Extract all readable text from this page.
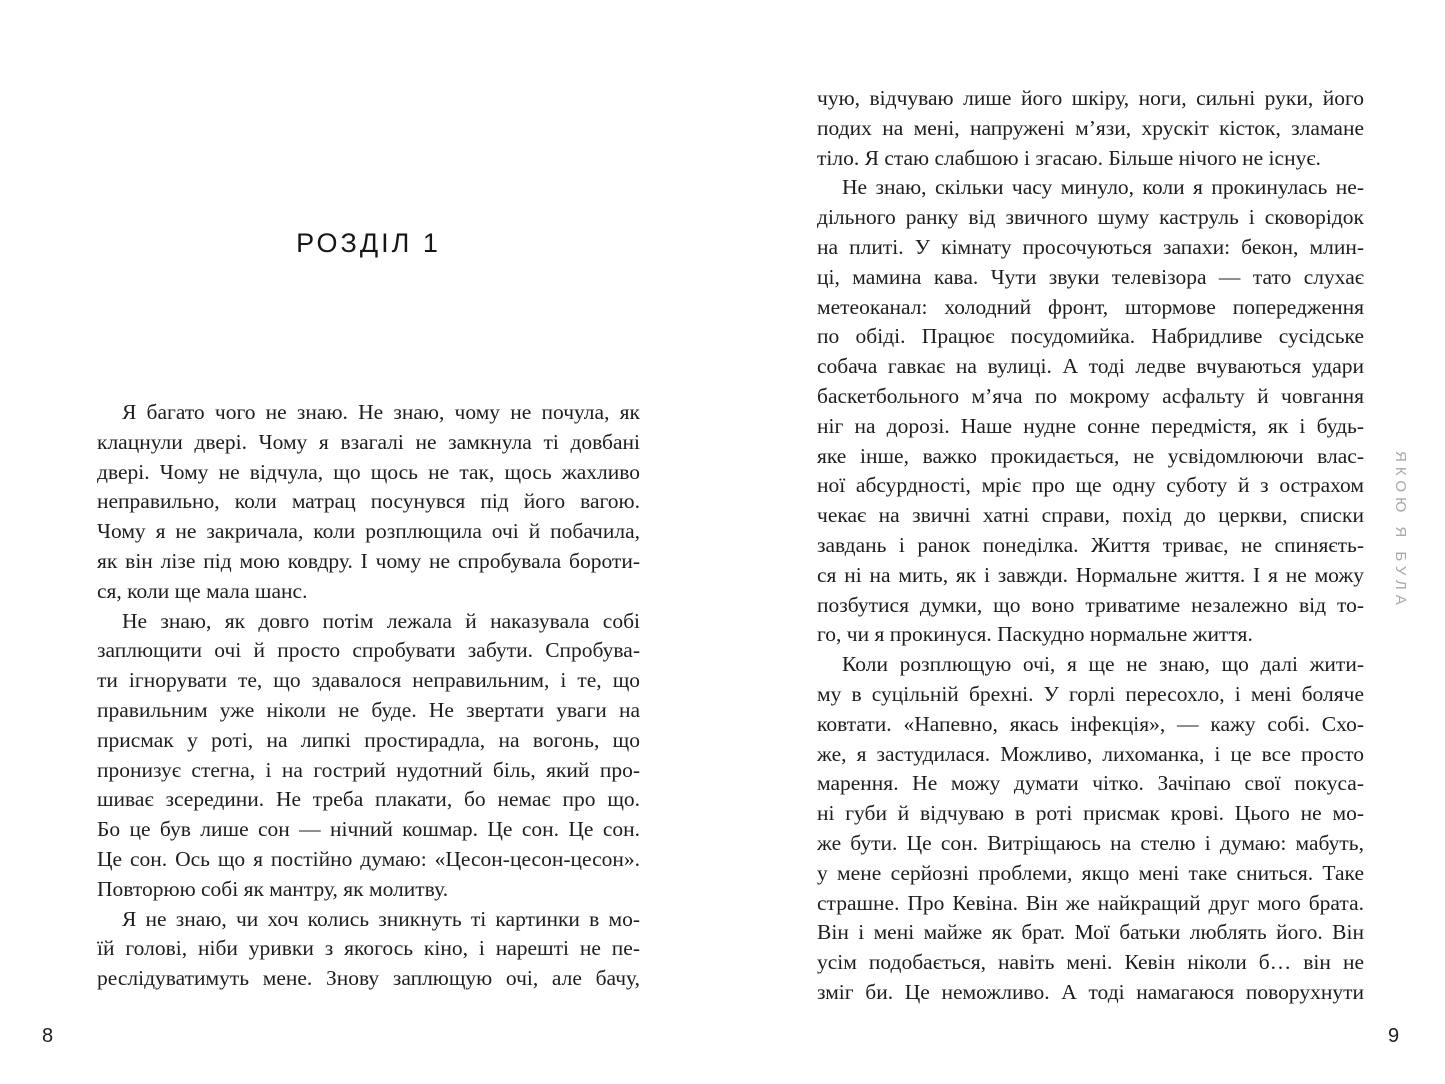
РОЗДІЛ 1
Я багато чого не знаю. Не знаю, чому не почула, як
клацнули двері. Чому я взагалі не замкнула ті довбані
двері. Чому не відчула, що щось не так, щось жахливо
неправильно, коли матрац посунувся під його вагою.
Чому я не закричала, коли розплющила очі й побачила,
як він лізе під мою ковдру. І чому не спробувала бороти-
ся, коли ще мала шанс.
Не знаю, як довго потім лежала й наказувала собі
заплющити очі й просто спробувати забути. Спробува-
ти ігнорувати те, що здавалося неправильним, і те, що
правильним уже ніколи не буде. Не звертати уваги на
присмак у роті, на липкі простирадла, на вогонь, що
пронизує стегна, і на гострий нудотний біль, який про-
шиває зсередини. Не треба плакати, бо немає про що.
Бо це був лише сон — нічний кошмар. Це сон. Це сон.
Це сон. Ось що я постійно думаю: «Цесон-цесон-цесон».
Повторюю собі як мантру, як молитву.
Я не знаю, чи хоч колись зникнуть ті картинки в мо-
їй голові, ніби уривки з якогось кіно, і нарешті не пе-
реслідуватимуть мене. Знову заплющую очі, але бачу,
8
чую, відчуваю лише його шкіру, ноги, сильні руки, його
подих на мені, напружені м’язи, хрускіт кісток, зламане
тіло. Я стаю слабшою і згасаю. Більше нічого не існує.
Не знаю, скільки часу минуло, коли я прокинулась не-
дільного ранку від звичного шуму каструль і сковорідок
на плиті. У кімнату просочуються запахи: бекон, млин-
ці, мамина кава. Чути звуки телевізора — тато слухає
метеоканал: холодний фронт, штормове попередження
по обіді. Працює посудомийка. Набридливе сусідське
собача гавкає на вулиці. А тоді ледве вчуваються удари
баскетбольного м’яча по мокрому асфальту й човгання
ніг на дорозі. Наше нудне сонне передмістя, як і будь-
яке інше, важко прокидається, не усвідомлюючи влас-
ної абсурдності, мріє про ще одну суботу й з острахом
чекає на звичні хатні справи, похід до церкви, списки
завдань і ранок понеділка. Життя триває, не спиняєть-
ся ні на мить, як і завжди. Нормальне життя. І я не можу
позбутися думки, що воно триватиме незалежно від то-
го, чи я прокинуся. Паскудно нормальне життя.
Коли розплющую очі, я ще не знаю, що далі жити-
му в суцільній брехні. У горлі пересохло, і мені боляче
ковтати. «Напевно, якась інфекція», — кажу собі. Схо-
же, я застудилася. Можливо, лихоманка, і це все просто
марення. Не можу думати чітко. Зачіпаю свої покуса-
ні губи й відчуваю в роті присмак крові. Цього не мо-
же бути. Це сон. Витріщаюсь на стелю і думаю: мабуть,
у мене серйозні проблеми, якщо мені таке сниться. Таке
страшне. Про Кевіна. Він же найкращий друг мого брата.
Він і мені майже як брат. Мої батьки люблять його. Він
усім подобається, навіть мені. Кевін ніколи б… він не
зміг би. Це неможливо. А тоді намагаюся поворухнути
ЯКОЮ Я БУЛА
9
